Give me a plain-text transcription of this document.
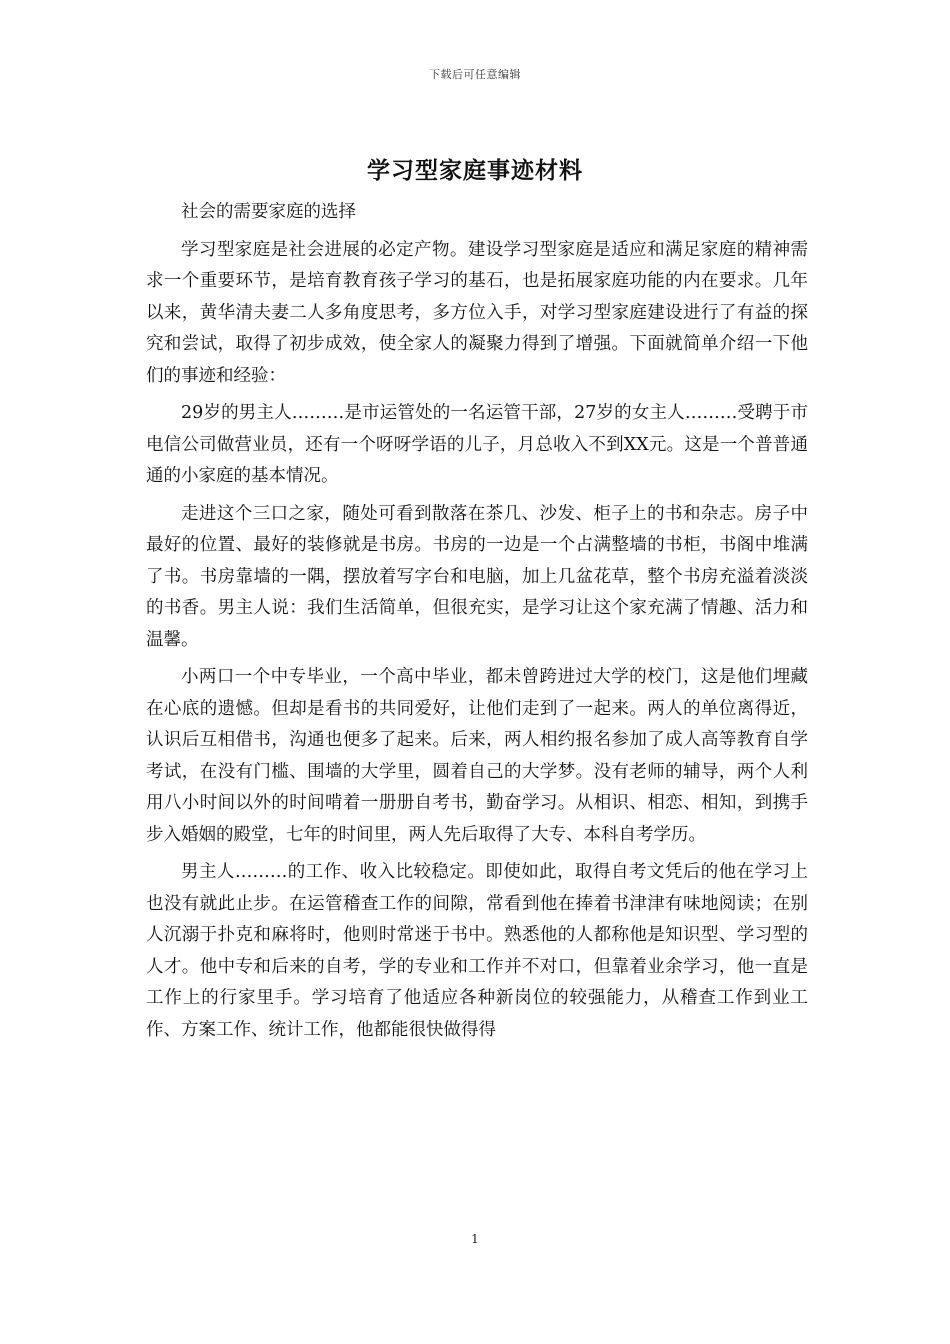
下载后可任意编辑
学习型家庭事迹材料

社会的需要家庭的选择

学习型家庭是社会进展的必定产物。建设学习型家庭是适应和满足家庭的精神需求一个重要环节，是培育教育孩子学习的基石，也是拓展家庭功能的内在要求。几年以来，黄华清夫妻二人多角度思考，多方位入手，对学习型家庭建设进行了有益的探究和尝试，取得了初步成效，使全家人的凝聚力得到了增强。下面就简单介绍一下他们的事迹和经验：

29岁的男主人………是市运管处的一名运管干部，27岁的女主人………受聘于市电信公司做营业员，还有一个呀呀学语的儿子，月总收入不到XX元。这是一个普普通通的小家庭的基本情况。

走进这个三口之家，随处可看到散落在茶几、沙发、柜子上的书和杂志。房子中最好的位置、最好的装修就是书房。书房的一边是一个占满整墙的书柜，书阁中堆满了书。书房靠墙的一隅，摆放着写字台和电脑，加上几盆花草，整个书房充溢着淡淡的书香。男主人说：我们生活简单，但很充实，是学习让这个家充满了情趣、活力和温馨。

小两口一个中专毕业，一个高中毕业，都未曾跨进过大学的校门，这是他们埋藏在心底的遗憾。但却是看书的共同爱好，让他们走到了一起来。两人的单位离得近，认识后互相借书，沟通也便多了起来。后来，两人相约报名参加了成人高等教育自学考试，在没有门槛、围墙的大学里，圆着自己的大学梦。没有老师的辅导，两个人利用八小时间以外的时间啃着一册册自考书，勤奋学习。从相识、相恋、相知，到携手步入婚姻的殿堂，七年的时间里，两人先后取得了大专、本科自考学历。

男主人………的工作、收入比较稳定。即使如此，取得自考文凭后的他在学习上也没有就此止步。在运管稽查工作的间隙，常看到他在捧着书津津有味地阅读；在别人沉溺于扑克和麻将时，他则时常迷于书中。熟悉他的人都称他是知识型、学习型的人才。他中专和后来的自考，学的专业和工作并不对口，但靠着业余学习，他一直是工作上的行家里手。学习培育了他适应各种新岗位的较强能力，从稽查工作到业工作、方案工作、统计工作，他都能很快做得得

1
